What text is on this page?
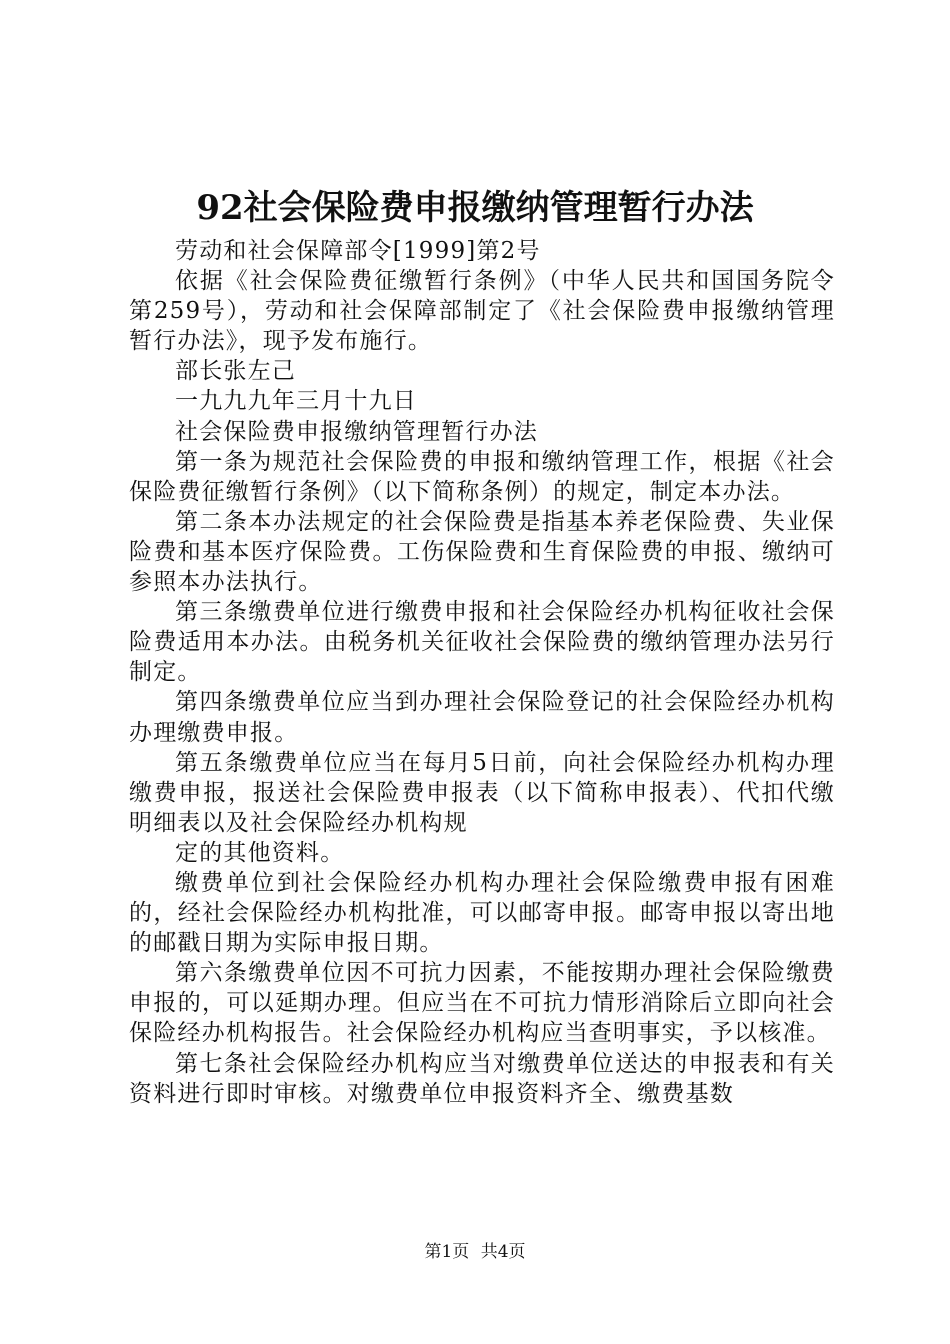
92社会保险费申报缴纳管理暂行办法

劳动和社会保障部令[1999]第2号

依据《社会保险费征缴暂行条例》（中华人民共和国国务院令第259号），劳动和社会保障部制定了《社会保险费申报缴纳管理暂行办法》，现予发布施行。

部长张左己

一九九九年三月十九日

社会保险费申报缴纳管理暂行办法

第一条为规范社会保险费的申报和缴纳管理工作，根据《社会保险费征缴暂行条例》（以下简称条例）的规定，制定本办法。

第二条本办法规定的社会保险费是指基本养老保险费、失业保险费和基本医疗保险费。工伤保险费和生育保险费的申报、缴纳可参照本办法执行。

第三条缴费单位进行缴费申报和社会保险经办机构征收社会保险费适用本办法。由税务机关征收社会保险费的缴纳管理办法另行制定。

第四条缴费单位应当到办理社会保险登记的社会保险经办机构办理缴费申报。

第五条缴费单位应当在每月5日前，向社会保险经办机构办理缴费申报，报送社会保险费申报表（以下简称申报表）、代扣代缴明细表以及社会保险经办机构规

定的其他资料。

缴费单位到社会保险经办机构办理社会保险缴费申报有困难的，经社会保险经办机构批准，可以邮寄申报。邮寄申报以寄出地的邮戳日期为实际申报日期。

第六条缴费单位因不可抗力因素，不能按期办理社会保险缴费申报的，可以延期办理。但应当在不可抗力情形消除后立即向社会保险经办机构报告。社会保险经办机构应当查明事实，予以核准。

第七条社会保险经办机构应当对缴费单位送达的申报表和有关资料进行即时审核。对缴费单位申报资料齐全、缴费基数

第1页 共4页
